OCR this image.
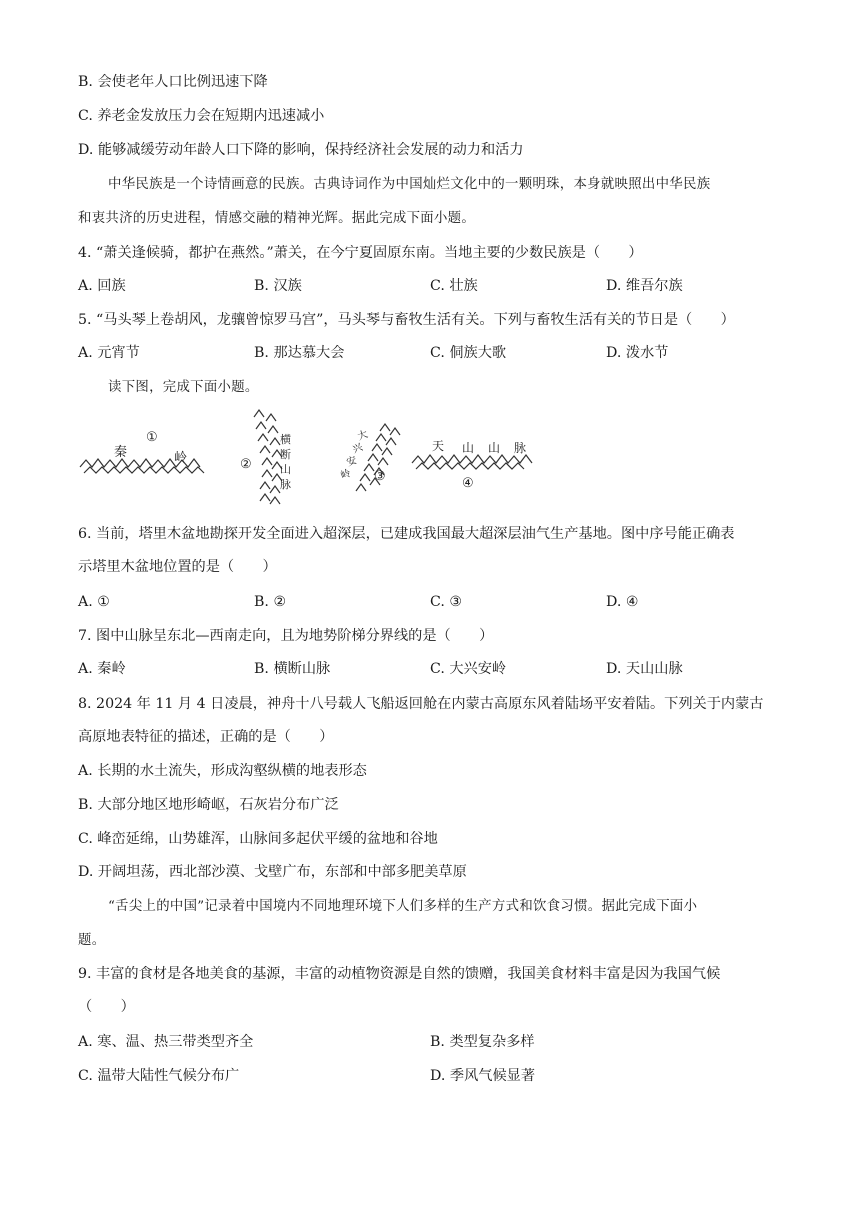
B. 会使老年人口比例迅速下降
C. 养老金发放压力会在短期内迅速减小
D. 能够减缓劳动年龄人口下降的影响，保持经济社会发展的动力和活力
中华民族是一个诗情画意的民族。古典诗词作为中国灿烂文化中的一颗明珠，本身就映照出中华民族
和衷共济的历史进程，情感交融的精神光辉。据此完成下面小题。
4. “萧关逢候骑，都护在燕然。”萧关，在今宁夏固原东南。当地主要的少数民族是（　　）
A. 回族	B. 汉族	C. 壮族	D. 维吾尔族
5. “马头琴上卷胡风，龙骧曾惊罗马宫”，马头琴与畜牧生活有关。下列与畜牧生活有关的节日是（　　）
A. 元宵节	B. 那达慕大会	C. 侗族大歌	D. 泼水节
读下图，完成下面小题。
秦	岭
①	横
断
山
脉
②
大
兴
安
岭 ③
天 山 山 脉
④
6. 当前，塔里木盆地勘探开发全面进入超深层，已建成我国最大超深层油气生产基地。图中序号能正确表
示塔里木盆地位置的是（　　）
A. ①	B. ②	C. ③	D. ④
7. 图中山脉呈东北—西南走向，且为地势阶梯分界线的是（　　）
A. 秦岭	B. 横断山脉	C. 大兴安岭	D. 天山山脉
8. 2024 年 11 月 4 日凌晨，神舟十八号载人飞船返回舱在内蒙古高原东风着陆场平安着陆。下列关于内蒙古
高原地表特征的描述，正确的是（　　）
A. 长期的水土流失，形成沟壑纵横的地表形态
B. 大部分地区地形崎岖，石灰岩分布广泛
C. 峰峦延绵，山势雄浑，山脉间多起伏平缓的盆地和谷地
D. 开阔坦荡，西北部沙漠、戈壁广布，东部和中部多肥美草原
“舌尖上的中国”记录着中国境内不同地理环境下人们多样的生产方式和饮食习惯。据此完成下面小
题。
9. 丰富的食材是各地美食的基源，丰富的动植物资源是自然的馈赠，我国美食材料丰富是因为我国气候
（　　）
A. 寒、温、热三带类型齐全	B. 类型复杂多样
C. 温带大陆性气候分布广	D. 季风气候显著
